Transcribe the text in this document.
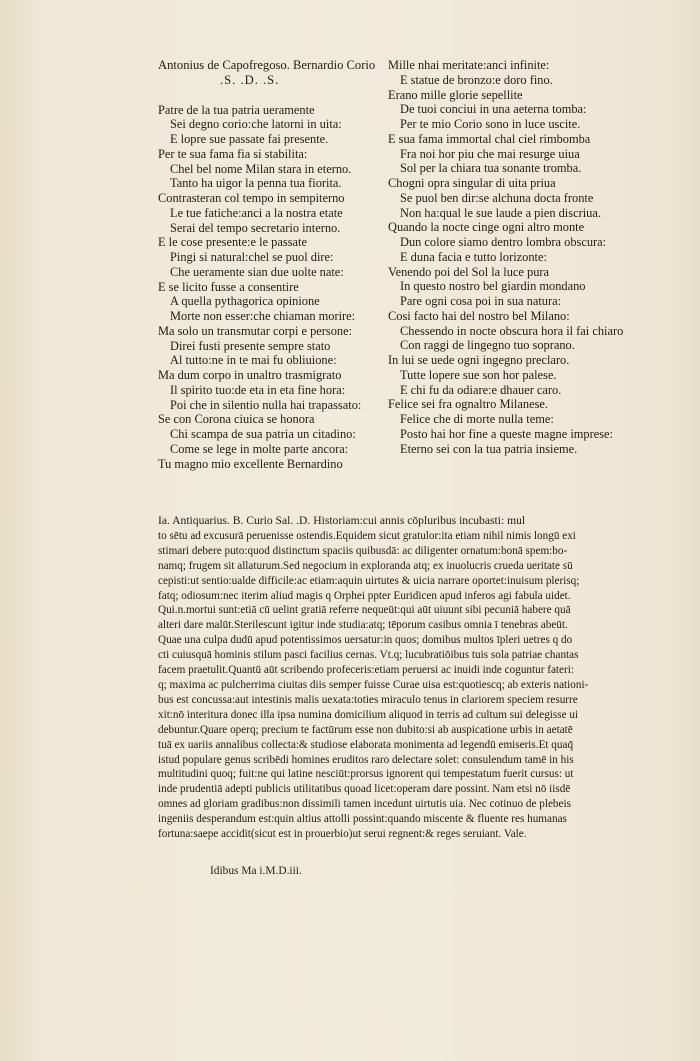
Antonius de Capofregoso. Bernardio Corio
.S. .D. .S.
Patre de la tua patria ueramente
Sei degno corio:che latorni in uita:
E lopre sue passate fai presente.
Per te sua fama fia si stabilita:
Chel bel nome Milan stara in eterno.
Tanto ha uigor la penna tua fiorita.
Contrasteran col tempo in sempiterno
Le tue fatiche:anci a la nostra etate
Serai del tempo secretario interno.
E le cose presente:e le passate
Pingi si natural:chel se puol dire:
Che ueramente sian due uolte nate:
E se licito fusse a consentire
A quella pythagorica opinione
Morte non esser:che chiaman morire:
Ma solo un transmutar corpi e persone:
Direi fusti presente sempre stato
Al tutto:ne in te mai fu obliuione:
Ma dum corpo in unaltro trasmigrato
Il spirito tuo:de eta in eta fine hora:
Poi che in silentio nulla hai trapassato:
Se con Corona ciuica se honora
Chi scampa de sua patria un citadino:
Come se lege in molte parte ancora:
Tu magno mio excellente Bernardino
Mille nhai meritate:anci infinite:
E statue de bronzo:e doro fino.
Erano mille glorie sepellite
De tuoi conciui in una aeterna tomba:
Per te mio Corio sono in luce uscite.
E sua fama immortal chal ciel rimbomba
Fra noi hor piu che mai resurge uiua
Sol per la chiara tua sonante tromba.
Chogni opra singular di uita priua
Se puol ben dir:se alchuna docta fronte
Non ha:qual le sue laude a pien discriua.
Quando la nocte cinge ogni altro monte
Dun colore siamo dentro lombra obscura:
E duna facia e tutto lorizonte:
Venendo poi del Sol la luce pura
In questo nostro bel giardin mondano
Pare ogni cosa poi in sua natura:
Cosi facto hai del nostro bel Milano:
Chessendo in nocte obscura hora il fai chiaro
Con raggi de lingegno tuo soprano.
In lui se uede ogni ingegno preclaro.
Tutte lopere sue son hor palese.
E chi fu da odiare:e dhauer caro.
Felice sei fra ognaltro Milanese.
Felice che di morte nulla teme:
Posto hai hor fine a queste magne imprese:
Eterno sei con la tua patria insieme.
Ia. Antiquarius. B. Curio Sal. .D. Historiam:cui annis cōpluribus incubasti: mul
to sētu ad excusurā peruenisse ostendis.Equidem sicut gratulor:ita etiam nihil nimis longū exi
stimari debere puto:quod distinctum spaciis quibusdā: ac diligenter ornatum:bonā spem:bo-
namq; frugem sit allaturum.Sed negocium in exploranda atq; ex inuolucris crueda ueritate sū
cepisti:ut sentio:ualde difficile:ac etiam:aquin uirtutes & uicia narrare oportet:inuisum plerisq;
fatq; odiosum:nec iterim aliud magis q Orphei ppter Euridicen apud inferos agi fabula uidet.
Qui.n.mortui sunt:etiā cū uelint gratiā referre nequeūt:qui aūt uiuunt sibi pecuniā habere quā
alteri dare malūt.Sterilescunt igitur inde studia:atq; tēporum casibus omnia ī tenebras abeūt.
Quae una culpa dudū apud potentissimos uersatur:in quos; domibus multos īpleri uetres q do
cti cuiusquā hominis stilum pasci facilius cernas. Vt.q; lucubratiōibus tuis sola patriae chantas
facem praetulit.Quantū aūt scribendo profeceris:etiam peruersi ac inuidi inde coguntur fateri:
q; maxima ac pulcherrima ciuitas diis semper fuisse Curae uisa est:quotiescq; ab exteris nationi-
bus est concussa:aut intestinis malis uexata:toties miraculo tenus in clariorem speciem resurre
xit:nō interitura donec illa ipsa numina domicilium aliquod in terris ad cultum sui delegisse ui
debuntur.Quare operq; precium te factūrum esse non dubito:si ab auspicatione urbis in aetatē
tuā ex uariis annalibus collecta:& studiose elaborata monimenta ad legendū emiseris.Et quaq̄
istud populare genus scribēdi homines eruditos raro delectare solet: consulendum tamē in his
multitudini quoq; fuit:ne qui latine nesciūt:prorsus ignorent qui tempestatum fuerit cursus: ut
inde prudentiā adepti publicis utilitatibus quoad licet:operam dare possint. Nam etsi nō iisdē
omnes ad gloriam gradibus:non dissimili tamen incedunt uirtutis uia. Nec cotinuo de plebeis
ingeniis desperandum est:quin altius attolli possint:quando miscente & fluente res humanas
fortuna:saepe accidit(sicut est in prouerbio)ut serui regnent:& reges seruiant. Vale.
Idibus Ma i.M.D.iii.
